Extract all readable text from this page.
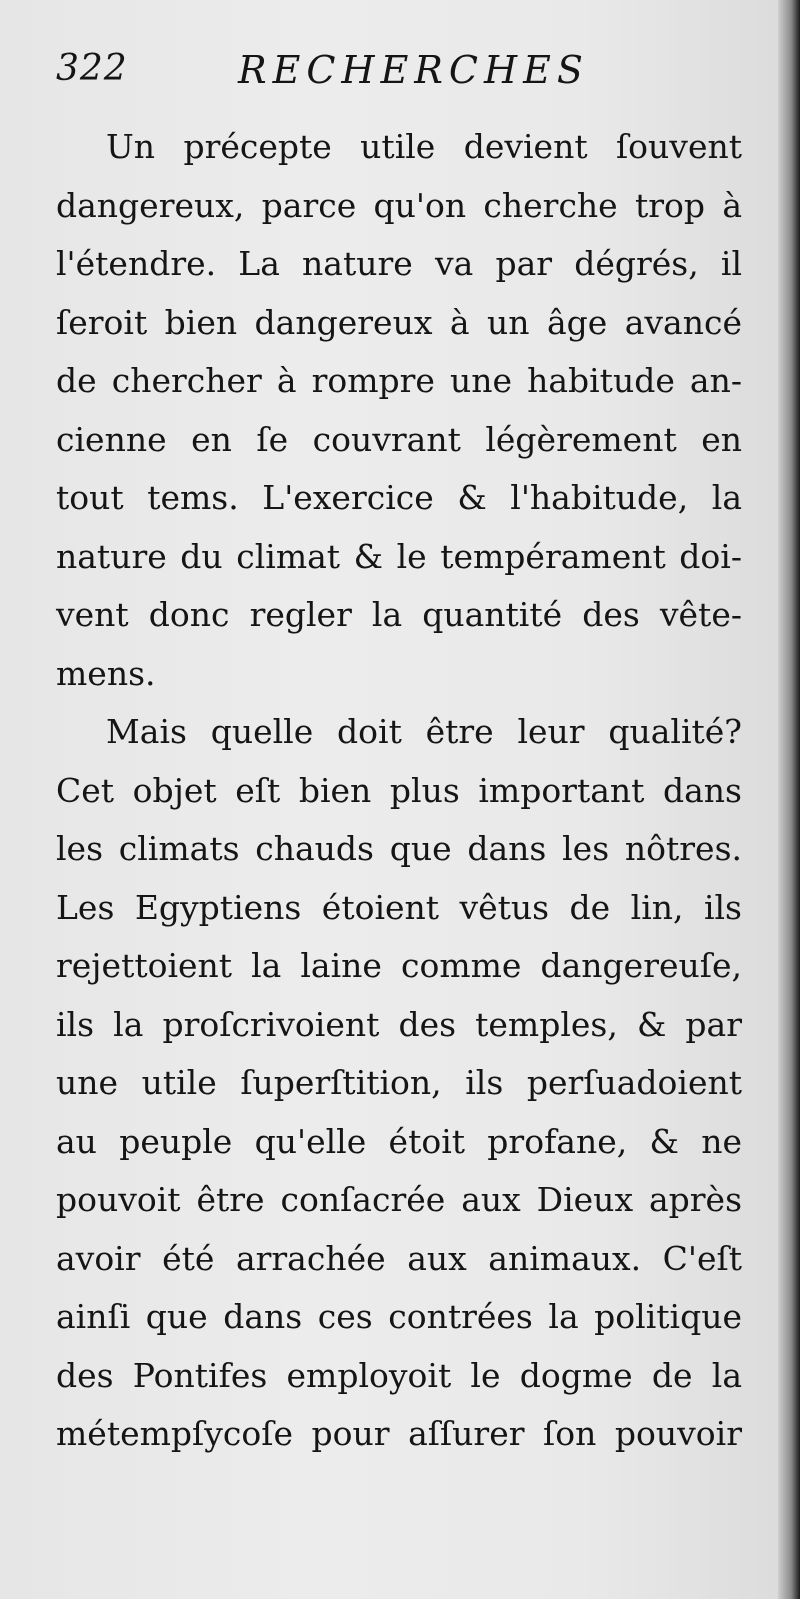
322	RECHERCHES
Un précepte utile devient ſouvent
dangereux, parce qu'on cherche trop à
l'étendre. La nature va par dégrés, il
ſeroit bien dangereux à un âge avancé
de chercher à rompre une habitude an-
cienne en ſe couvrant légèrement en
tout tems. L'exercice & l'habitude, la
nature du climat & le tempérament doi-
vent donc regler la quantité des vête-
mens.
Mais quelle doit être leur qualité?
Cet objet eſt bien plus important dans
les climats chauds que dans les nôtres.
Les Egyptiens étoient vêtus de lin, ils
rejettoient la laine comme dangereuſe,
ils la proſcrivoient des temples, & par
une utile ſuperſtition, ils perſuadoient
au peuple qu'elle étoit profane, & ne
pouvoit être conſacrée aux Dieux après
avoir été arrachée aux animaux. C'eſt
ainſi que dans ces contrées la politique
des Pontifes employoit le dogme de la
métempſycoſe pour aſſurer ſon pouvoir
